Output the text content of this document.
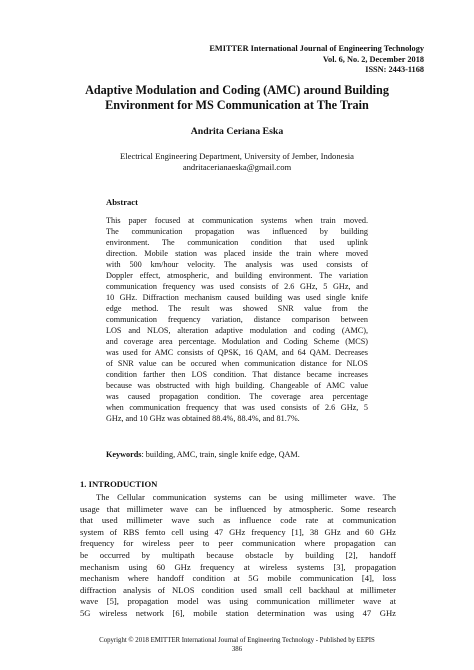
EMITTER International Journal of Engineering Technology
Vol. 6, No. 2, December 2018
ISSN: 2443-1168
Adaptive Modulation and Coding (AMC) around Building
Environment for MS Communication at The Train
Andrita Ceriana Eska
Electrical Engineering Department, University of Jember, Indonesia
andritacerianaeska@gmail.com
Abstract
This paper focused at communication systems when train moved.
The communication propagation was influenced by building
environment. The communication condition that used uplink
direction. Mobile station was placed inside the train where moved
with 500 km/hour velocity. The analysis was used consists of
Doppler effect, atmospheric, and building environment. The variation
communication frequency was used consists of 2.6 GHz, 5 GHz, and
10 GHz. Diffraction mechanism caused building was used single knife
edge method. The result was showed SNR value from the
communication frequency variation, distance comparison between
LOS and NLOS, alteration adaptive modulation and coding (AMC),
and coverage area percentage. Modulation and Coding Scheme (MCS)
was used for AMC consists of QPSK, 16 QAM, and 64 QAM. Decreases
of SNR value can be occured when communication distance for NLOS
condition farther then LOS condition. That distance became increases
because was obstructed with high building. Changeable of AMC value
was caused propagation condition. The coverage area percentage
when communication frequency that was used consists of 2.6 GHz, 5
GHz, and 10 GHz was obtained 88.4%, 88.4%, and 81.7%.
Keywords: building, AMC, train, single knife edge, QAM.
1. INTRODUCTION
The Cellular communication systems can be using millimeter wave. The
usage that millimeter wave can be influenced by atmospheric. Some research
that used millimeter wave such as influence code rate at communication
system of RBS femto cell using 47 GHz frequency [1], 38 GHz and 60 GHz
frequency for wireless peer to peer communication where propagation can
be occurred by multipath because obstacle by building [2], handoff
mechanism using 60 GHz frequency at wireless systems [3], propagation
mechanism where handoff condition at 5G mobile communication [4], loss
diffraction analysis of NLOS condition used small cell backhaul at millimeter
wave [5], propagation model was using communication millimeter wave at
5G wireless network [6], mobile station determination was using 47 GHz
Copyright © 2018 EMITTER International Journal of Engineering Technology - Published by EEPIS
386
